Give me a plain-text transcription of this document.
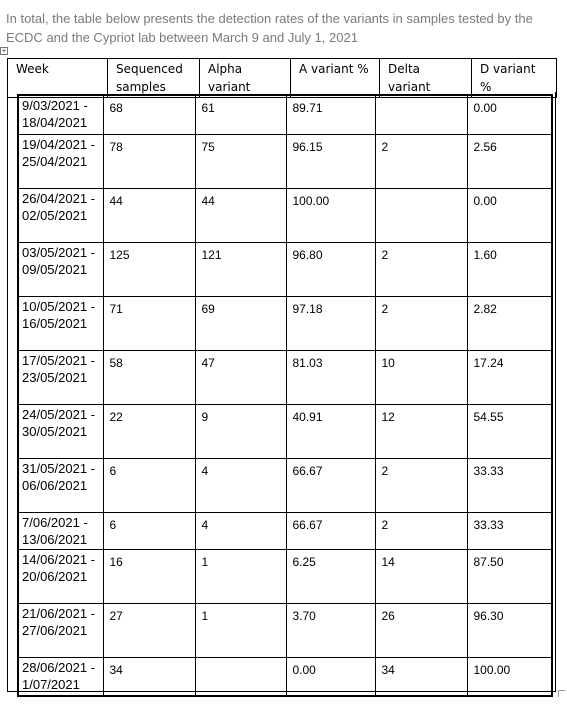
In total, the table below presents the detection rates of the variants in samples tested by the ECDC and the Cypriot lab between March 9 and July 1, 2021
+
Week	Sequenced samples	Alpha variant	A variant %	Delta variant	D variant %
9/03/2021 - 18/04/2021	68	61	89.71		0.00
19/04/2021 - 25/04/2021	78	75	96.15	2	2.56
26/04/2021 - 02/05/2021	44	44	100.00		0.00
03/05/2021 - 09/05/2021	125	121	96.80	2	1.60
10/05/2021 - 16/05/2021	71	69	97.18	2	2.82
17/05/2021 - 23/05/2021	58	47	81.03	10	17.24
24/05/2021 - 30/05/2021	22	9	40.91	12	54.55
31/05/2021 - 06/06/2021	6	4	66.67	2	33.33
7/06/2021 - 13/06/2021	6	4	66.67	2	33.33
14/06/2021 - 20/06/2021	16	1	6.25	14	87.50
21/06/2021 - 27/06/2021	27	1	3.70	26	96.30
28/06/2021 - 1/07/2021	34		0.00	34	100.00
